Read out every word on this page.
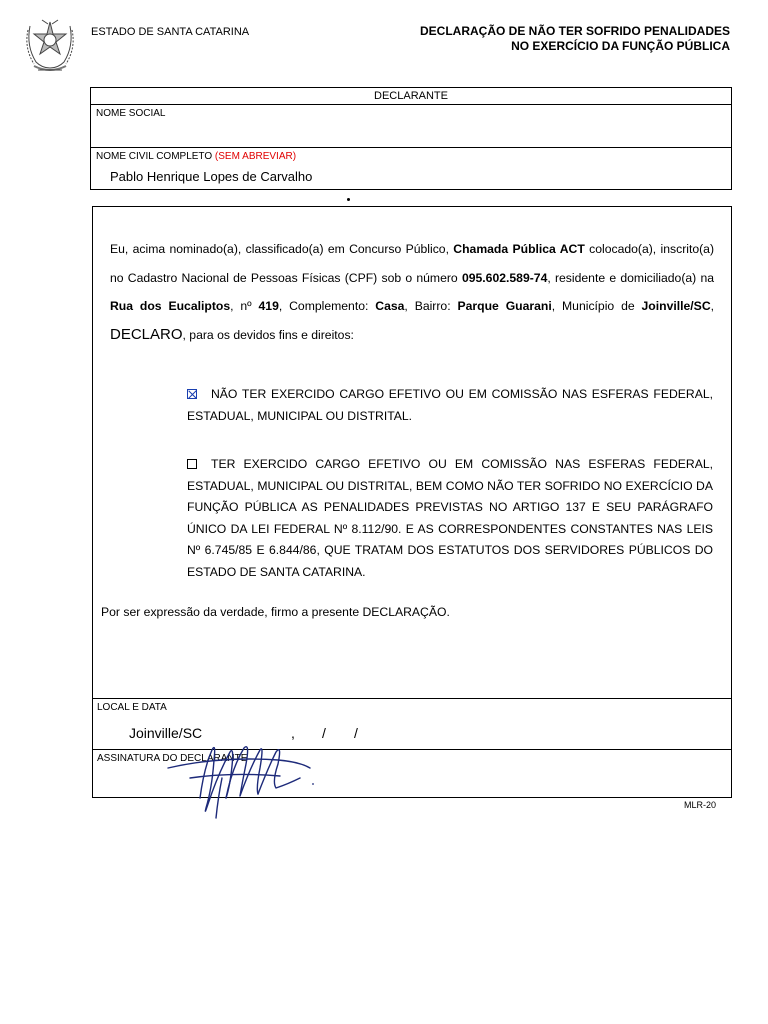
ESTADO DE SANTA CATARINA	DECLARAÇÃO DE NÃO TER SOFRIDO PENALIDADES
NO EXERCÍCIO DA FUNÇÃO PÚBLICA
DECLARANTE
NOME SOCIAL
NOME CIVIL COMPLETO (SEM ABREVIAR)
Pablo Henrique Lopes de Carvalho
Eu, acima nominado(a), classificado(a) em Concurso Público, Chamada Pública ACT colocado(a), inscrito(a) no Cadastro Nacional de Pessoas Físicas (CPF) sob o número 095.602.589-74, residente e domiciliado(a) na Rua dos Eucaliptos, nº 419, Complemento: Casa, Bairro: Parque Guarani, Município de Joinville/SC, DECLARO, para os devidos fins e direitos:
NÃO TER EXERCIDO CARGO EFETIVO OU EM COMISSÃO NAS ESFERAS FEDERAL, ESTADUAL, MUNICIPAL OU DISTRITAL.
TER EXERCIDO CARGO EFETIVO OU EM COMISSÃO NAS ESFERAS FEDERAL, ESTADUAL, MUNICIPAL OU DISTRITAL, BEM COMO NÃO TER SOFRIDO NO EXERCÍCIO DA FUNÇÃO PÚBLICA AS PENALIDADES PREVISTAS NO ARTIGO 137 E SEU PARÁGRAFO ÚNICO DA LEI FEDERAL Nº 8.112/90. E AS CORRESPONDENTES CONSTANTES NAS LEIS Nº 6.745/85 E 6.844/86, QUE TRATAM DOS ESTATUTOS DOS SERVIDORES PÚBLICOS DO ESTADO DE SANTA CATARINA.
Por ser expressão da verdade, firmo a presente DECLARAÇÃO.
LOCAL E DATA
Joinville/SC	, / /
ASSINATURA DO DECLARANTE
MLR-20
